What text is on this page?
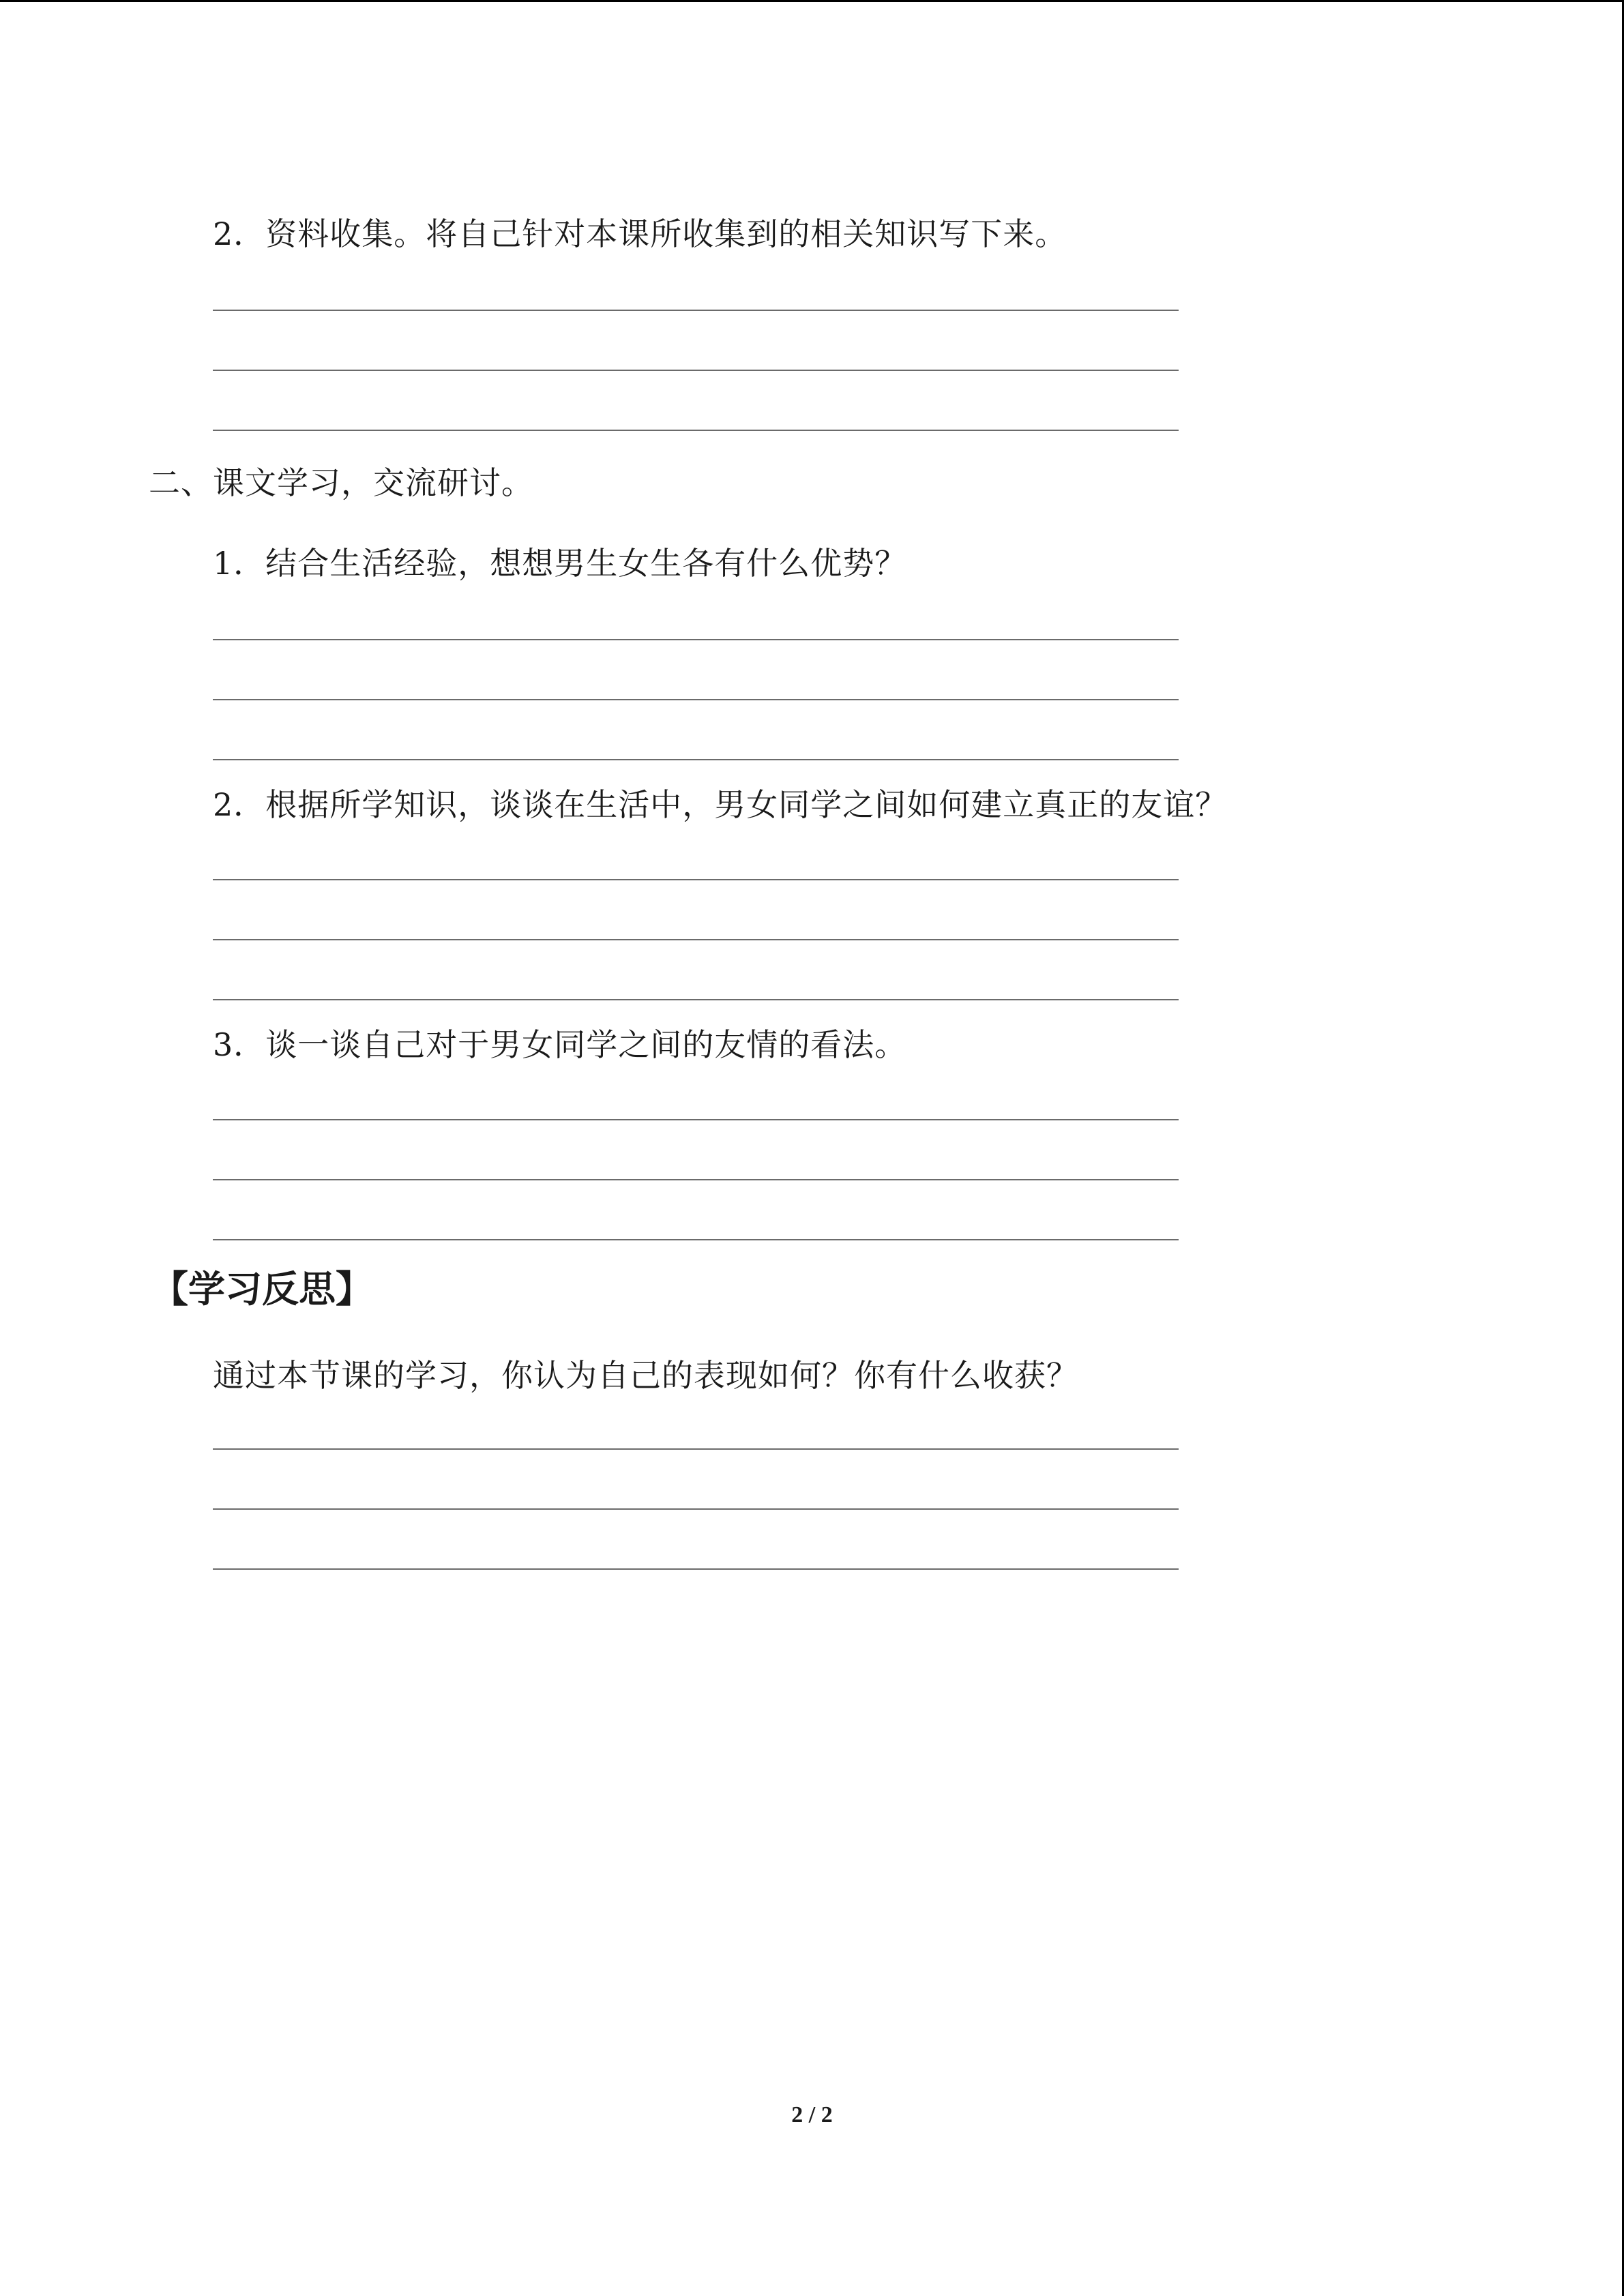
2．资料收集。将自己针对本课所收集到的相关知识写下来。
二、课文学习，交流研讨。
1．结合生活经验，想想男生女生各有什么优势？
2．根据所学知识，谈谈在生活中，男女同学之间如何建立真正的友谊？
3．谈一谈自己对于男女同学之间的友情的看法。
【学习反思】
通过本节课的学习，你认为自己的表现如何？你有什么收获？
2 / 2
